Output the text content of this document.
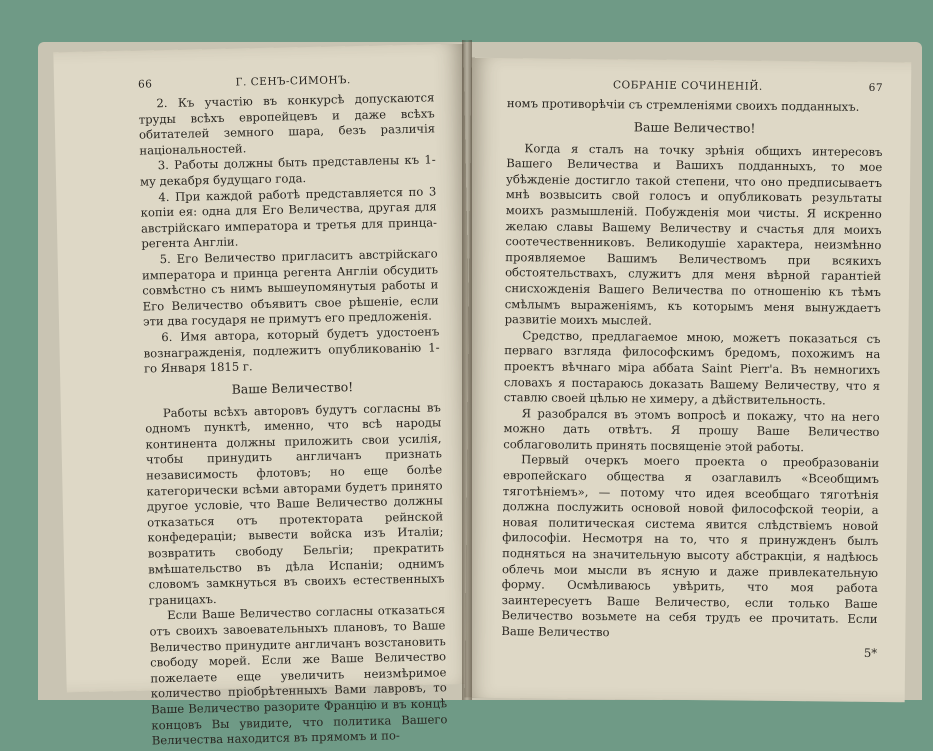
66	Г. СЕНЪ-СИМОНЪ.

2. Къ участію въ конкурсѣ допускаются труды всѣхъ европейцевъ и даже всѣхъ обитателей земного шара, безъ различія національностей.

3. Работы должны быть представлены къ 1-му декабря будущаго года.

4. При каждой работѣ представляется по 3 копіи ея: одна для Его Величества, другая для австрійскаго императора и третья для принца-регента Англіи.

5. Его Величество пригласитъ австрійскаго императора и принца регента Англіи обсудить совмѣстно съ нимъ вышеупомянутыя работы и Его Величество объявитъ свое рѣшеніе, если эти два государя не примутъ его предложенія.

6. Имя автора, который будетъ удостоенъ вознагражденія, подлежитъ опубликованію 1-го Января 1815 г.

Ваше Величество!

Работы всѣхъ авторовъ будутъ согласны въ одномъ пунктѣ, именно, что всѣ народы континента должны приложить свои усилія, чтобы принудить англичанъ признать независимость флотовъ; но еще болѣе категорически всѣми авторами будетъ принято другое условіе, что Ваше Величество должны отказаться отъ протектората рейнской конфедераціи; вывести войска изъ Италіи; возвратить свободу Бельгіи; прекратить вмѣшательство въ дѣла Испаніи; однимъ словомъ замкнуться въ своихъ естественныхъ границахъ.

Если Ваше Величество согласны отказаться отъ своихъ завоевательныхъ плановъ, то Ваше Величество принудите англичанъ возстановить свободу морей. Если же Ваше Величество пожелаете еще увеличить неизмѣримое количество пріобрѣтенныхъ Вами лавровъ, то Ваше Величество разорите Францію и въ концѣ концовъ Вы увидите, что политика Вашего Величества находится въ прямомъ и по-

СОБРАНІЕ СОЧИНЕНІЙ.	67

номъ противорѣчіи съ стремленіями своихъ подданныхъ.

Ваше Величество!

Когда я сталъ на точку зрѣнія общихъ интересовъ Вашего Величества и Вашихъ подданныхъ, то мое убѣжденіе достигло такой степени, что оно предписываетъ мнѣ возвысить свой голосъ и опубликовать результаты моихъ размышленій. Побужденія мои чисты. Я искренно желаю славы Вашему Величеству и счастья для моихъ соотечественниковъ. Великодушіе характера, неизмѣнно проявляемое Вашимъ Величествомъ при всякихъ обстоятельствахъ, служитъ для меня вѣрной гарантіей снисхожденія Вашего Величества по отношенію къ тѣмъ смѣлымъ выраженіямъ, къ которымъ меня вынуждаетъ развитіе моихъ мыслей.

Средство, предлагаемое мною, можетъ показаться съ перваго взгляда философскимъ бредомъ, похожимъ на проектъ вѣчнаго міра аббата Saint Pierr'a. Въ немногихъ словахъ я постараюсь доказать Вашему Величеству, что я ставлю своей цѣлью не химеру, а дѣйствительность.

Я разобрался въ этомъ вопросѣ и покажу, что на него можно дать отвѣтъ. Я прошу Ваше Величество соблаговолить принять посвященіе этой работы.

Первый очеркъ моего проекта о преобразованіи европейскаго общества я озаглавилъ «Всеобщимъ тяготѣніемъ», — потому что идея всеобщаго тяготѣнія должна послужить основой новой философской теоріи, а новая политическая система явится слѣдствіемъ новой философіи. Несмотря на то, что я принужденъ былъ подняться на значительную высоту абстракціи, я надѣюсь облечь мои мысли въ ясную и даже привлекательную форму. Осмѣливаюсь увѣрить, что моя работа заинтересуетъ Ваше Величество, если только Ваше Величество возьмете на себя трудъ ее прочитать. Если Ваше Величество

5*
